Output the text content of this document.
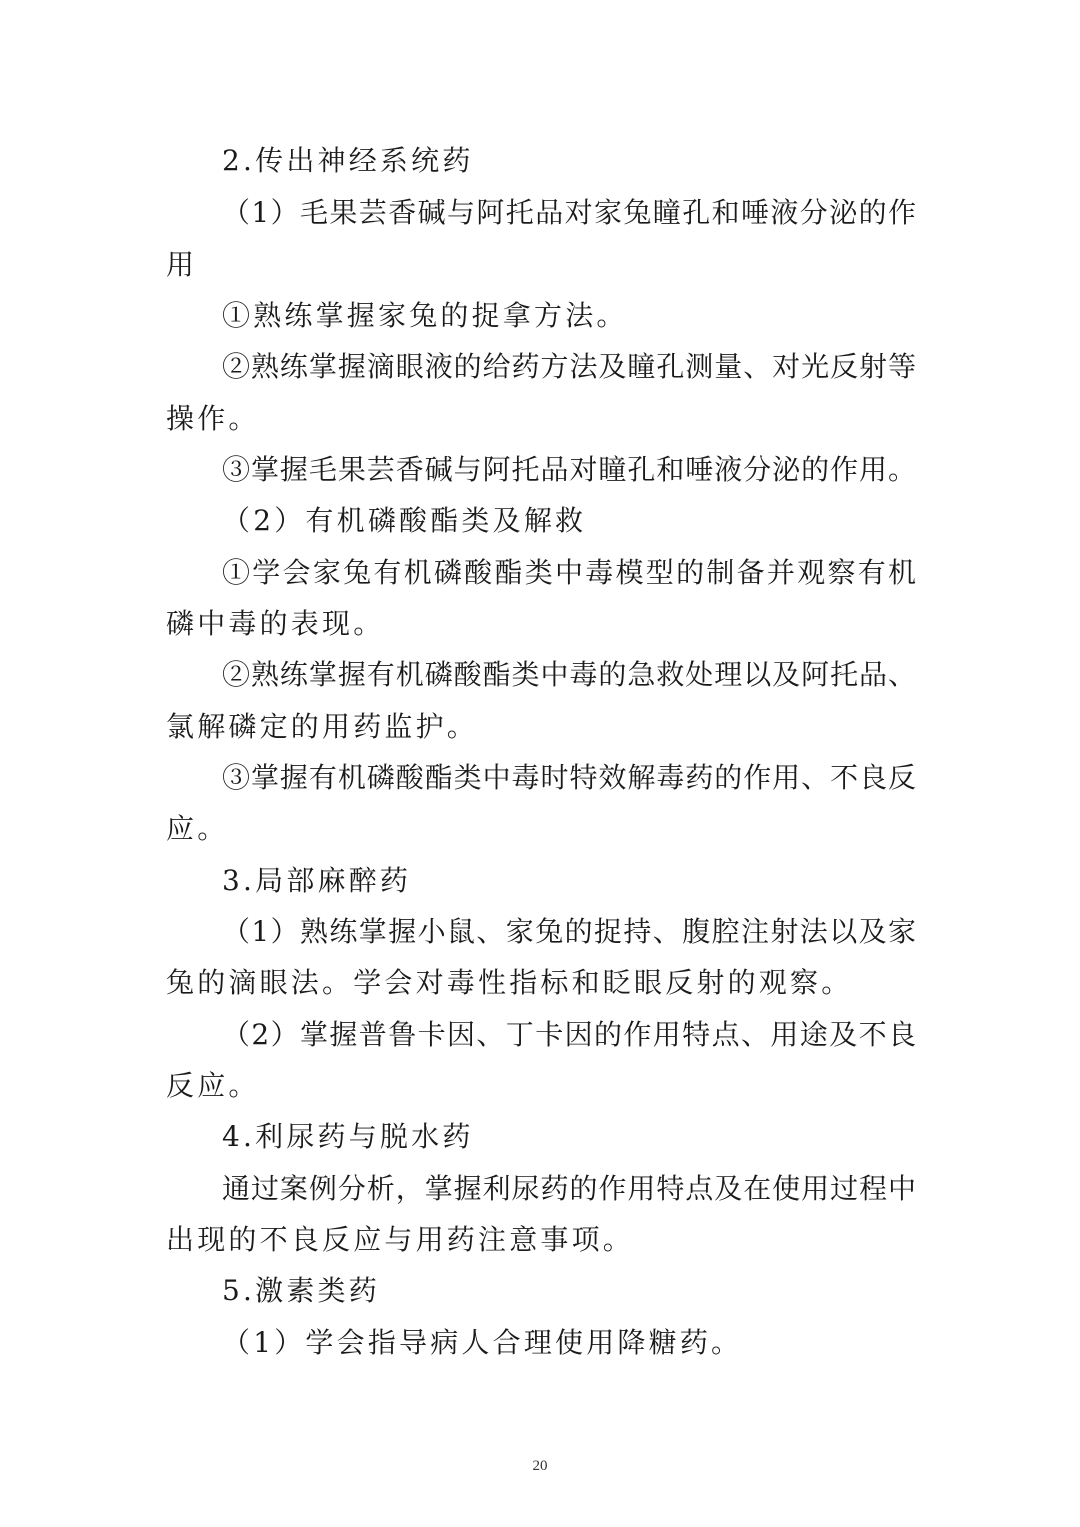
2.传出神经系统药
（1）毛果芸香碱与阿托品对家兔瞳孔和唾液分泌的作
用
①熟练掌握家兔的捉拿方法。
②熟练掌握滴眼液的给药方法及瞳孔测量、对光反射等
操作。
③掌握毛果芸香碱与阿托品对瞳孔和唾液分泌的作用。
（2）有机磷酸酯类及解救
①学会家兔有机磷酸酯类中毒模型的制备并观察有机
磷中毒的表现。
②熟练掌握有机磷酸酯类中毒的急救处理以及阿托品、
氯解磷定的用药监护。
③掌握有机磷酸酯类中毒时特效解毒药的作用、不良反
应。
3.局部麻醉药
（1）熟练掌握小鼠、家兔的捉持、腹腔注射法以及家
兔的滴眼法。学会对毒性指标和眨眼反射的观察。
（2）掌握普鲁卡因、丁卡因的作用特点、用途及不良
反应。
4.利尿药与脱水药
通过案例分析，掌握利尿药的作用特点及在使用过程中
出现的不良反应与用药注意事项。
5.激素类药
（1）学会指导病人合理使用降糖药。
20
